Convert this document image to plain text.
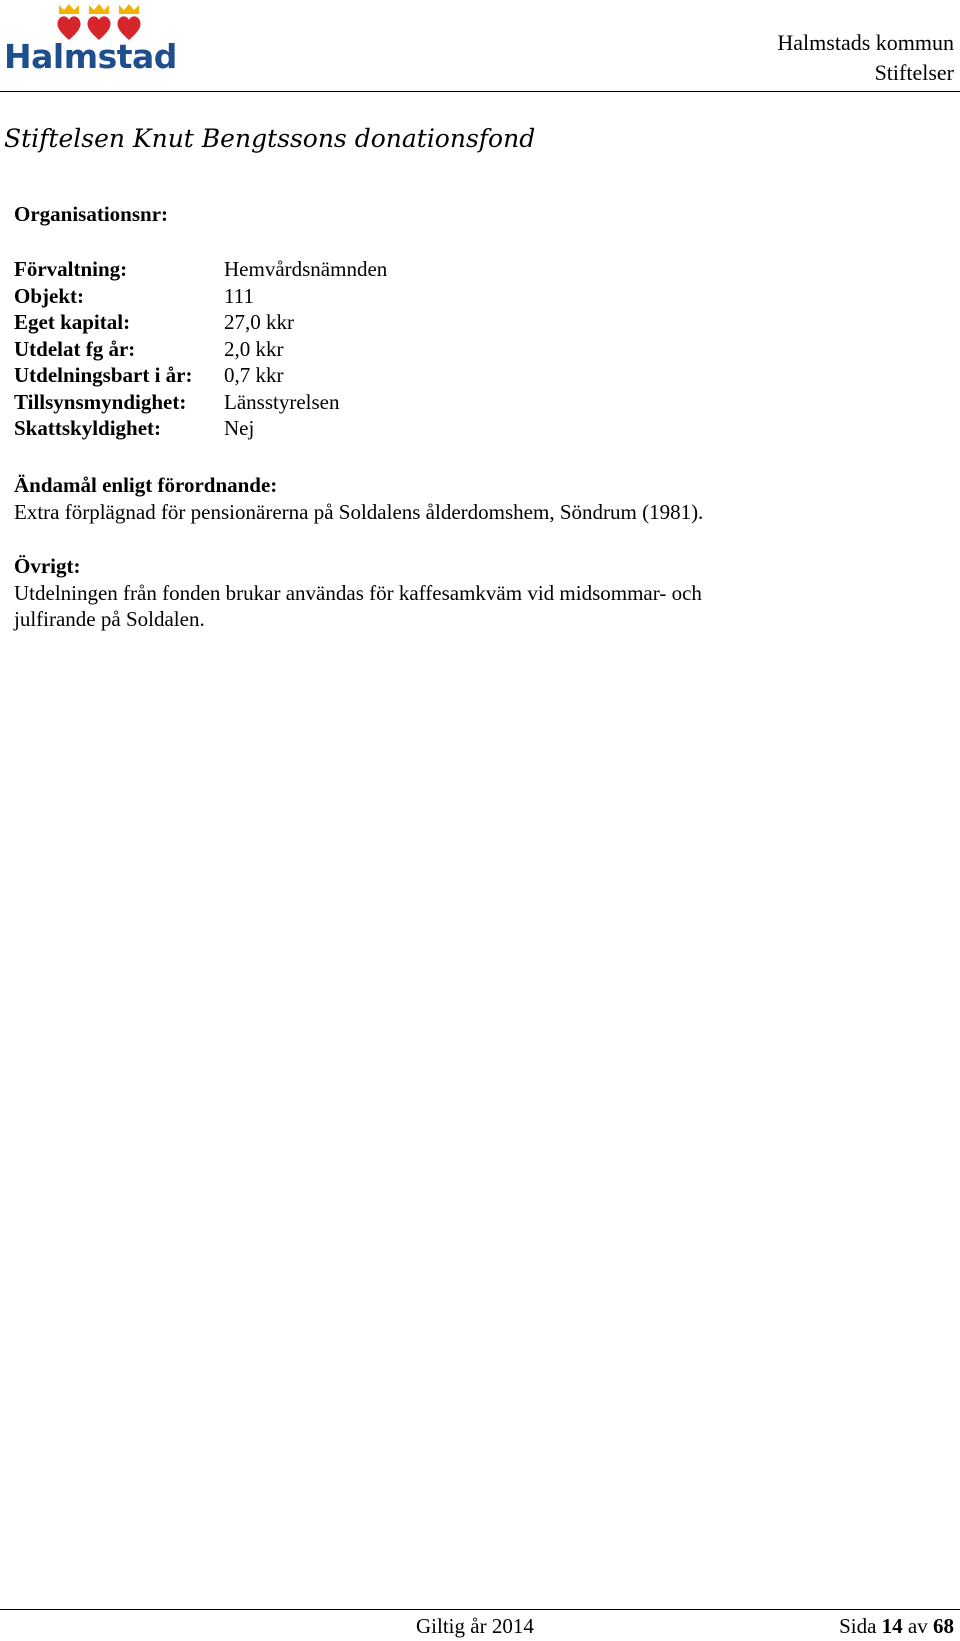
Halmstad	Halmstads kommun
Stiftelser
Stiftelsen Knut Bengtssons donationsfond
Organisationsnr:
Förvaltning:	Hemvårdsnämnden
Objekt:	111
Eget kapital:	27,0 kkr
Utdelat fg år:	2,0 kkr
Utdelningsbart i år:	0,7 kkr
Tillsynsmyndighet:	Länsstyrelsen
Skattskyldighet:	Nej
Ändamål enligt förordnande:
Extra förplägnad för pensionärerna på Soldalens ålderdomshem, Söndrum (1981).
Övrigt:
Utdelningen från fonden brukar användas för kaffesamkväm vid midsommar- och
julfirande på Soldalen.
Giltig år 2014	Sida 14 av 68
